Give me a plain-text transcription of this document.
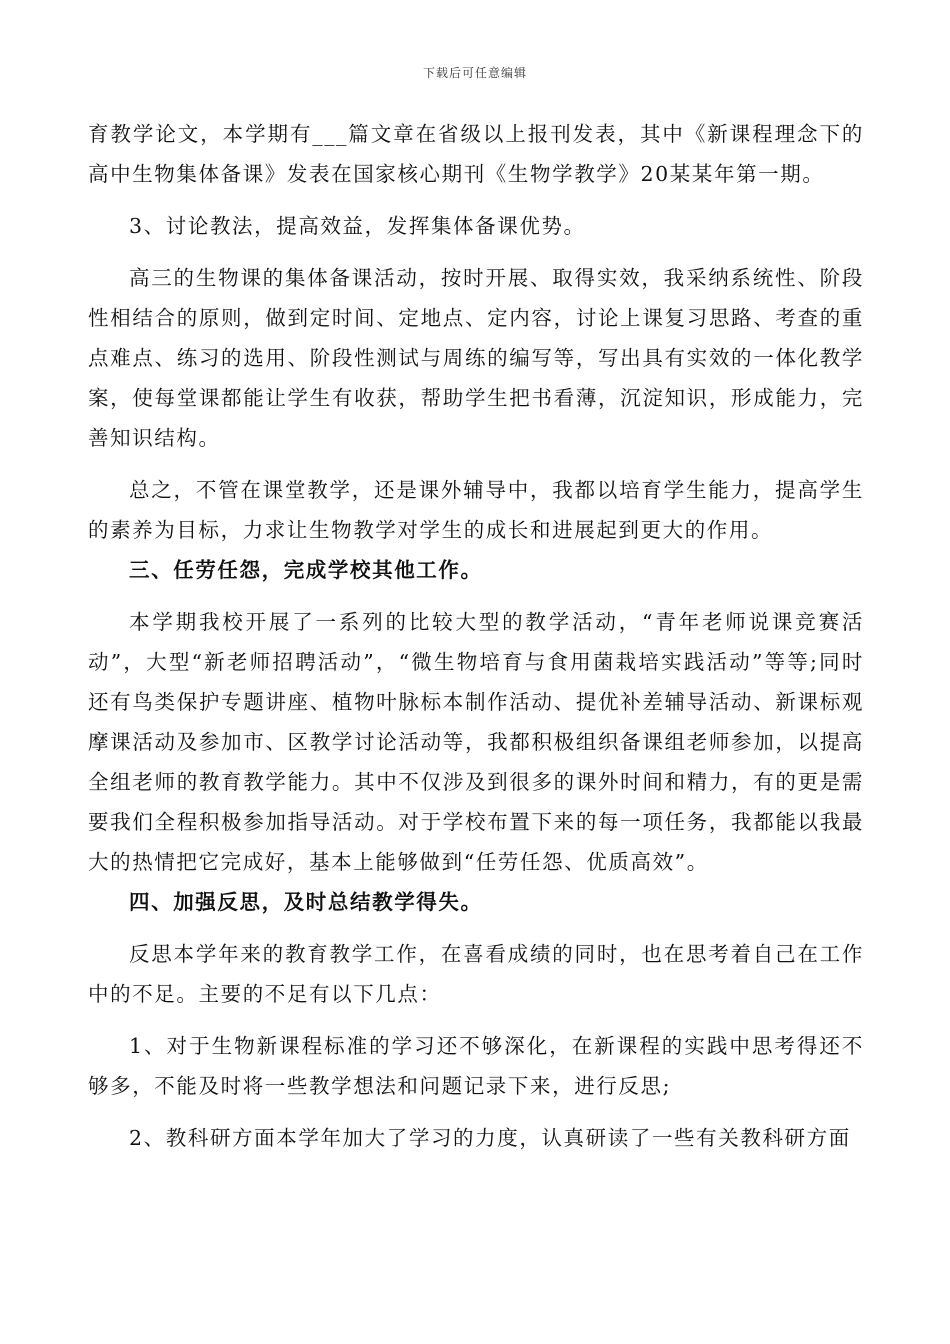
下载后可任意编辑

育教学论文，本学期有___篇文章在省级以上报刊发表，其中《新课程理念下的高中生物集体备课》发表在国家核心期刊《生物学教学》20某某年第一期。

3、讨论教法，提高效益，发挥集体备课优势。

高三的生物课的集体备课活动，按时开展、取得实效，我采纳系统性、阶段性相结合的原则，做到定时间、定地点、定内容，讨论上课复习思路、考查的重点难点、练习的选用、阶段性测试与周练的编写等，写出具有实效的一体化教学案，使每堂课都能让学生有收获，帮助学生把书看薄，沉淀知识，形成能力，完善知识结构。

总之，不管在课堂教学，还是课外辅导中，我都以培育学生能力，提高学生的素养为目标，力求让生物教学对学生的成长和进展起到更大的作用。

三、任劳任怨，完成学校其他工作。

本学期我校开展了一系列的比较大型的教学活动，“青年老师说课竞赛活动”，大型“新老师招聘活动”，“微生物培育与食用菌栽培实践活动”等等;同时还有鸟类保护专题讲座、植物叶脉标本制作活动、提优补差辅导活动、新课标观摩课活动及参加市、区教学讨论活动等，我都积极组织备课组老师参加，以提高全组老师的教育教学能力。其中不仅涉及到很多的课外时间和精力，有的更是需要我们全程积极参加指导活动。对于学校布置下来的每一项任务，我都能以我最大的热情把它完成好，基本上能够做到“任劳任怨、优质高效”。

四、加强反思，及时总结教学得失。

反思本学年来的教育教学工作，在喜看成绩的同时，也在思考着自己在工作中的不足。主要的不足有以下几点：

1、对于生物新课程标准的学习还不够深化，在新课程的实践中思考得还不够多，不能及时将一些教学想法和问题记录下来，进行反思;

2、教科研方面本学年加大了学习的力度，认真研读了一些有关教科研方面
